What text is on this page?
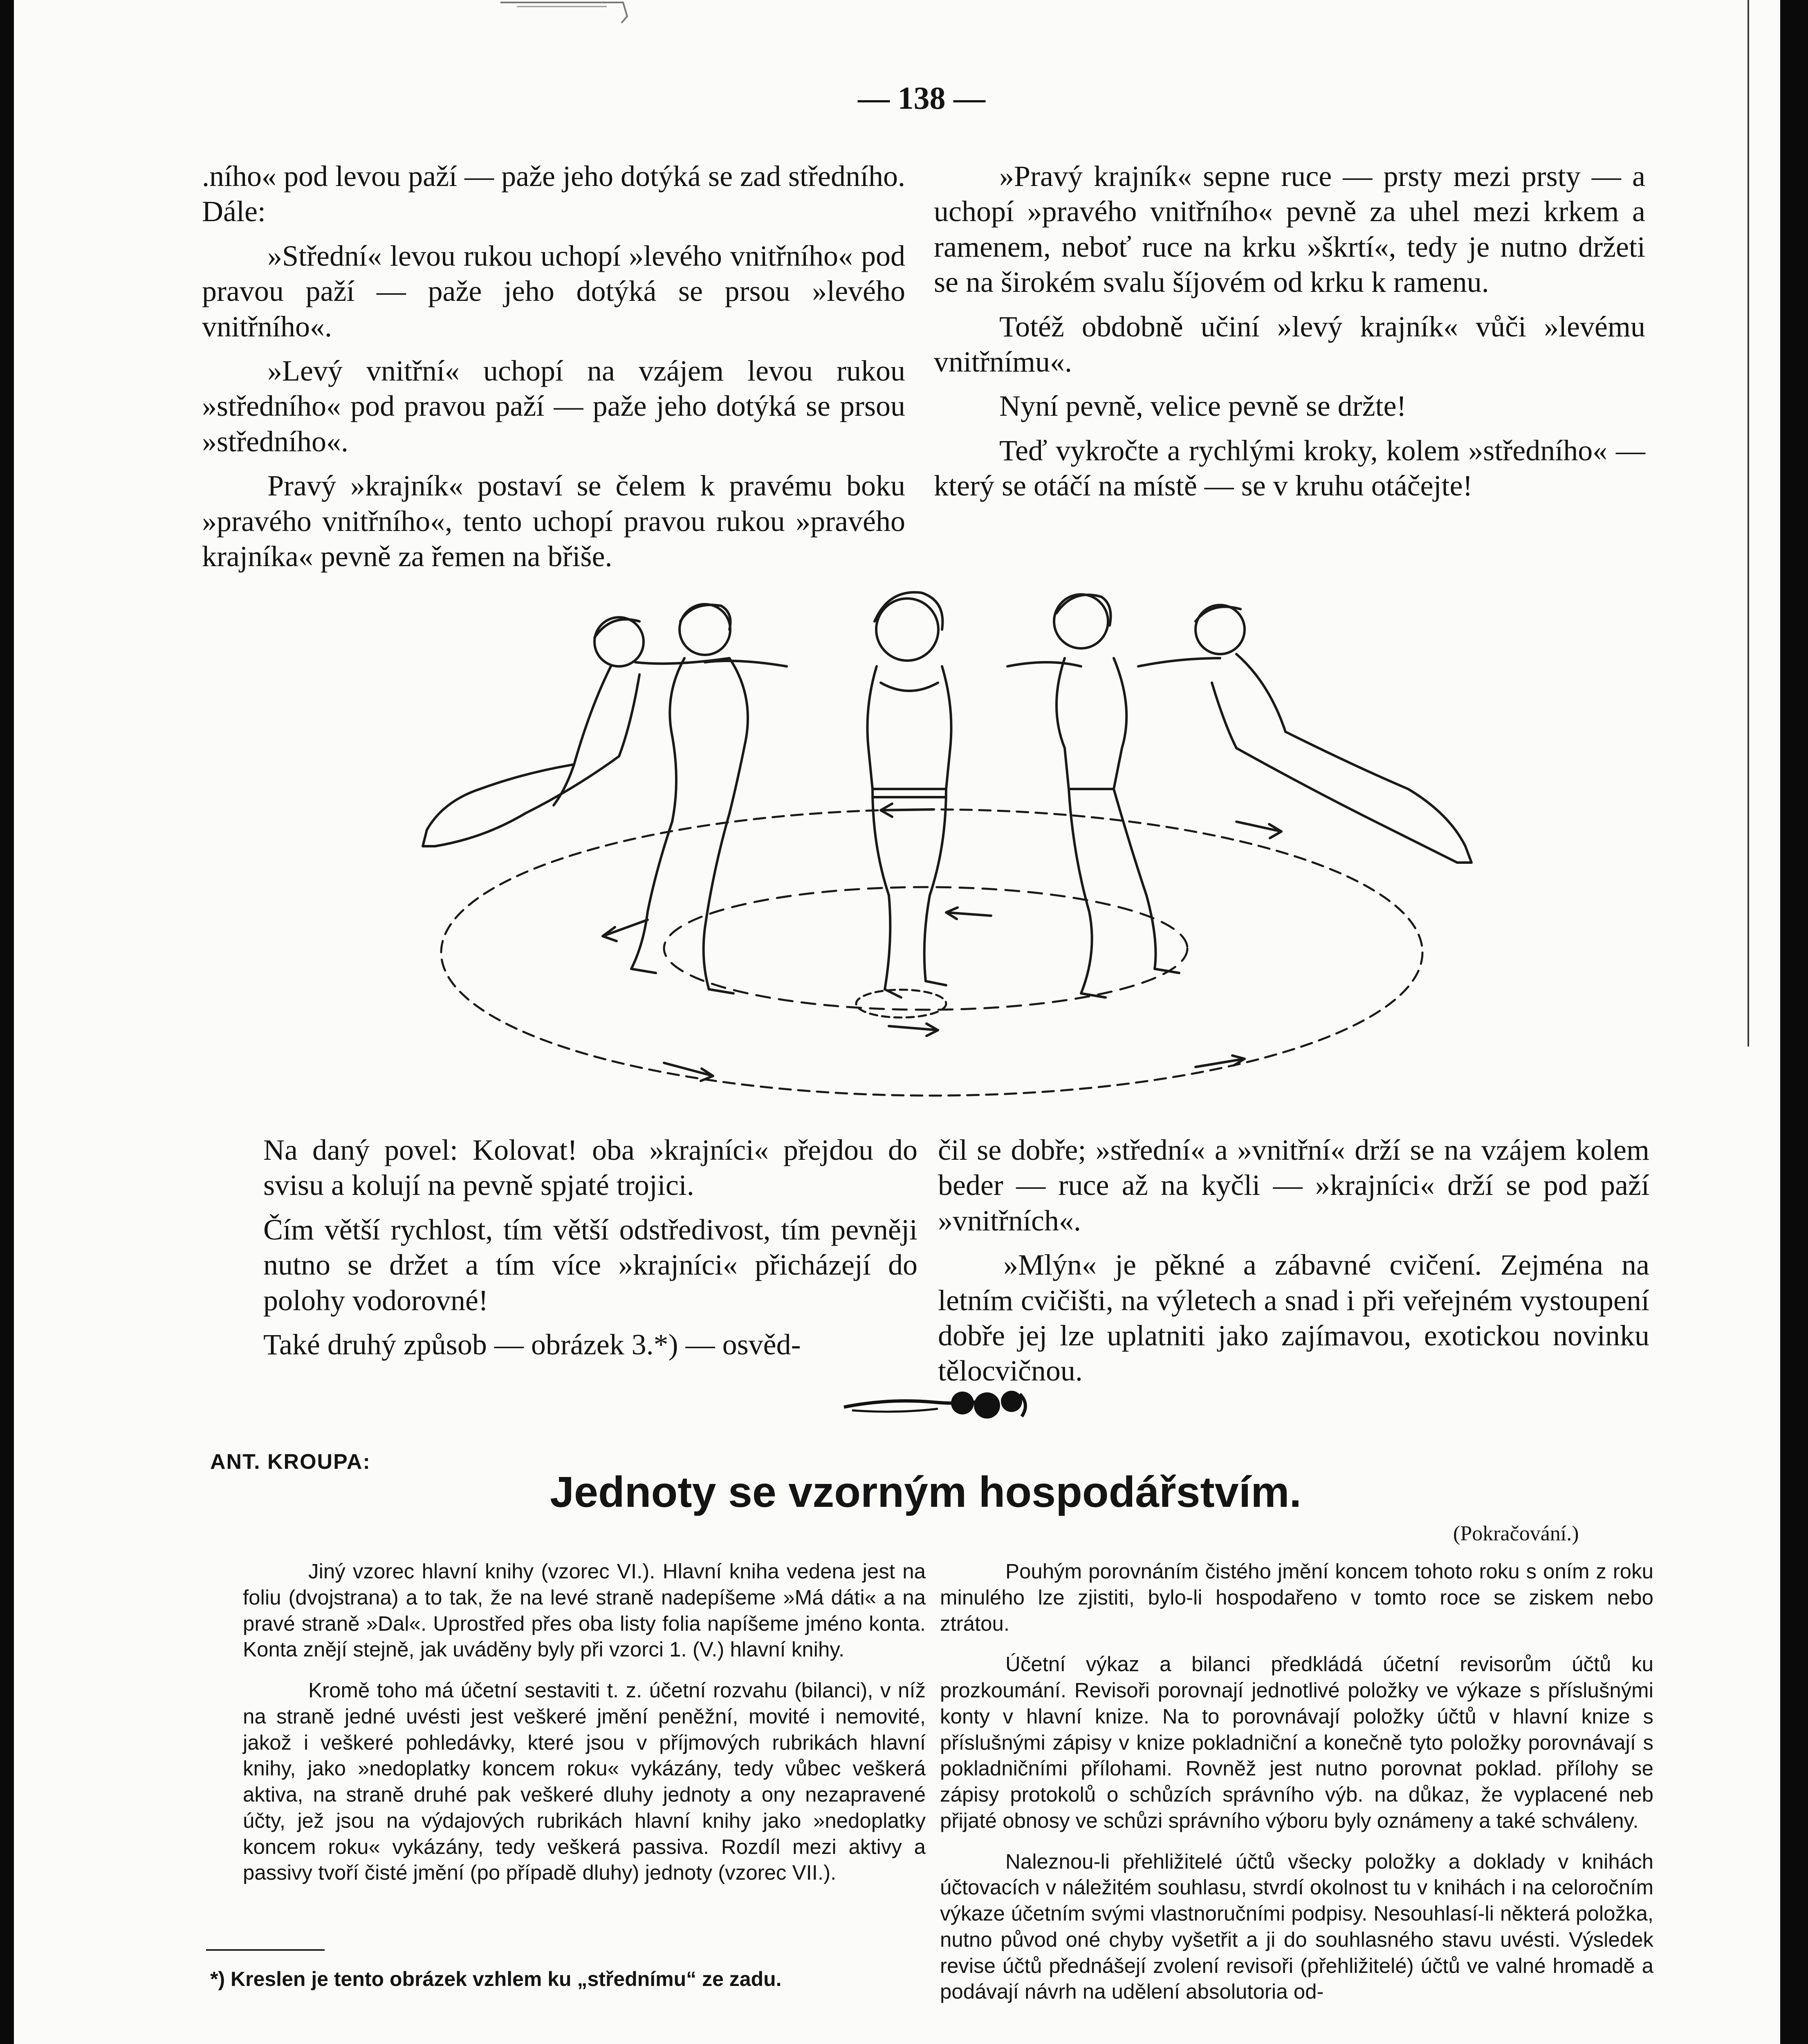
— 138 —

.ního« pod levou paží — paže jeho dotýká se zad středního. Dále:

»Střední« levou rukou uchopí »levého vnitřního« pod pravou paží — paže jeho dotýká se prsou »levého vnitřního«.

»Levý vnitřní« uchopí na vzájem levou rukou »středního« pod pravou paží — paže jeho dotýká se prsou »středního«.

Pravý »krajník« postaví se čelem k pravému boku »pravého vnitřního«, tento uchopí pravou rukou »pravého krajníka« pevně za řemen na břiše.

»Pravý krajník« sepne ruce — prsty mezi prsty — a uchopí »pravého vnitřního« pevně za uhel mezi krkem a ramenem, neboť ruce na krku »škrtí«, tedy je nutno držeti se na širokém svalu šíjovém od krku k ramenu.

Totéž obdobně učiní »levý krajník« vůči »levému vnitřnímu«.

Nyní pevně, velice pevně se držte!

Teď vykročte a rychlými kroky, kolem »středního« — který se otáčí na místě — se v kruhu otáčejte!

Na daný povel: Kolovat! oba »krajníci« přejdou do svisu a kolují na pevně spjaté trojici.

Čím větší rychlost, tím větší odstředivost, tím pevněji nutno se držet a tím více »krajníci« přicházejí do polohy vodorovné!

Také druhý způsob — obrázek 3.*) — osvěd-

čil se dobře; »střední« a »vnitřní« drží se na vzájem kolem beder — ruce až na kyčli — »krajníci« drží se pod paží »vnitřních«.

»Mlýn« je pěkné a zábavné cvičení. Zejména na letním cvičišti, na výletech a snad i při veřejném vystoupení dobře jej lze uplatniti jako zajímavou, exotickou novinku tělocvičnou.

ANT. KROUPA:
Jednoty se vzorným hospodářstvím.
(Pokračování.)

Jiný vzorec hlavní knihy (vzorec VI.). Hlavní kniha vedena jest na foliu (dvojstrana) a to tak, že na levé straně nadepíšeme »Má dáti« a na pravé straně »Dal«. Uprostřed přes oba listy folia napíšeme jméno konta. Konta znějí stejně, jak uváděny byly při vzorci 1. (V.) hlavní knihy.

Kromě toho má účetní sestaviti t. z. účetní rozvahu (bilanci), v níž na straně jedné uvésti jest veškeré jmění peněžní, movité i nemovité, jakož i veškeré pohledávky, které jsou v příjmových rubrikách hlavní knihy, jako »nedoplatky koncem roku« vykázány, tedy vůbec veškerá aktiva, na straně druhé pak veškeré dluhy jednoty a ony nezapravené účty, jež jsou na výdajových rubrikách hlavní knihy jako »nedoplatky koncem roku« vykázány, tedy veškerá passiva. Rozdíl mezi aktivy a passivy tvoří čisté jmění (po případě dluhy) jednoty (vzorec VII.).

Pouhým porovnáním čistého jmění koncem tohoto roku s oním z roku minulého lze zjistiti, bylo-li hospodařeno v tomto roce se ziskem nebo ztrátou.

Účetní výkaz a bilanci předkládá účetní revisorům účtů ku prozkoumání. Revisoři porovnají jednotlivé položky ve výkaze s příslušnými konty v hlavní knize. Na to porovnávají položky účtů v hlavní knize s příslušnými zápisy v knize pokladniční a konečně tyto položky porovnávají s pokladničními přílohami. Rovněž jest nutno porovnat poklad. přílohy se zápisy protokolů o schůzích správního výb. na důkaz, že vyplacené neb přijaté obnosy ve schůzi správního výboru byly oznámeny a také schváleny.

Naleznou-li přehližitelé účtů všecky položky a doklady v knihách účtovacích v náležitém souhlasu, stvrdí okolnost tu v knihách i na celoročním výkaze účetním svými vlastnoručními podpisy. Nesouhlasí-li některá položka, nutno původ oné chyby vyšetřit a ji do souhlasného stavu uvésti. Výsledek revise účtů přednášejí zvolení revisoři (přehližitelé) účtů ve valné hromadě a podávají návrh na udělení absolutoria od-

*) Kreslen je tento obrázek vzhlem ku „střednímu“ ze zadu.
